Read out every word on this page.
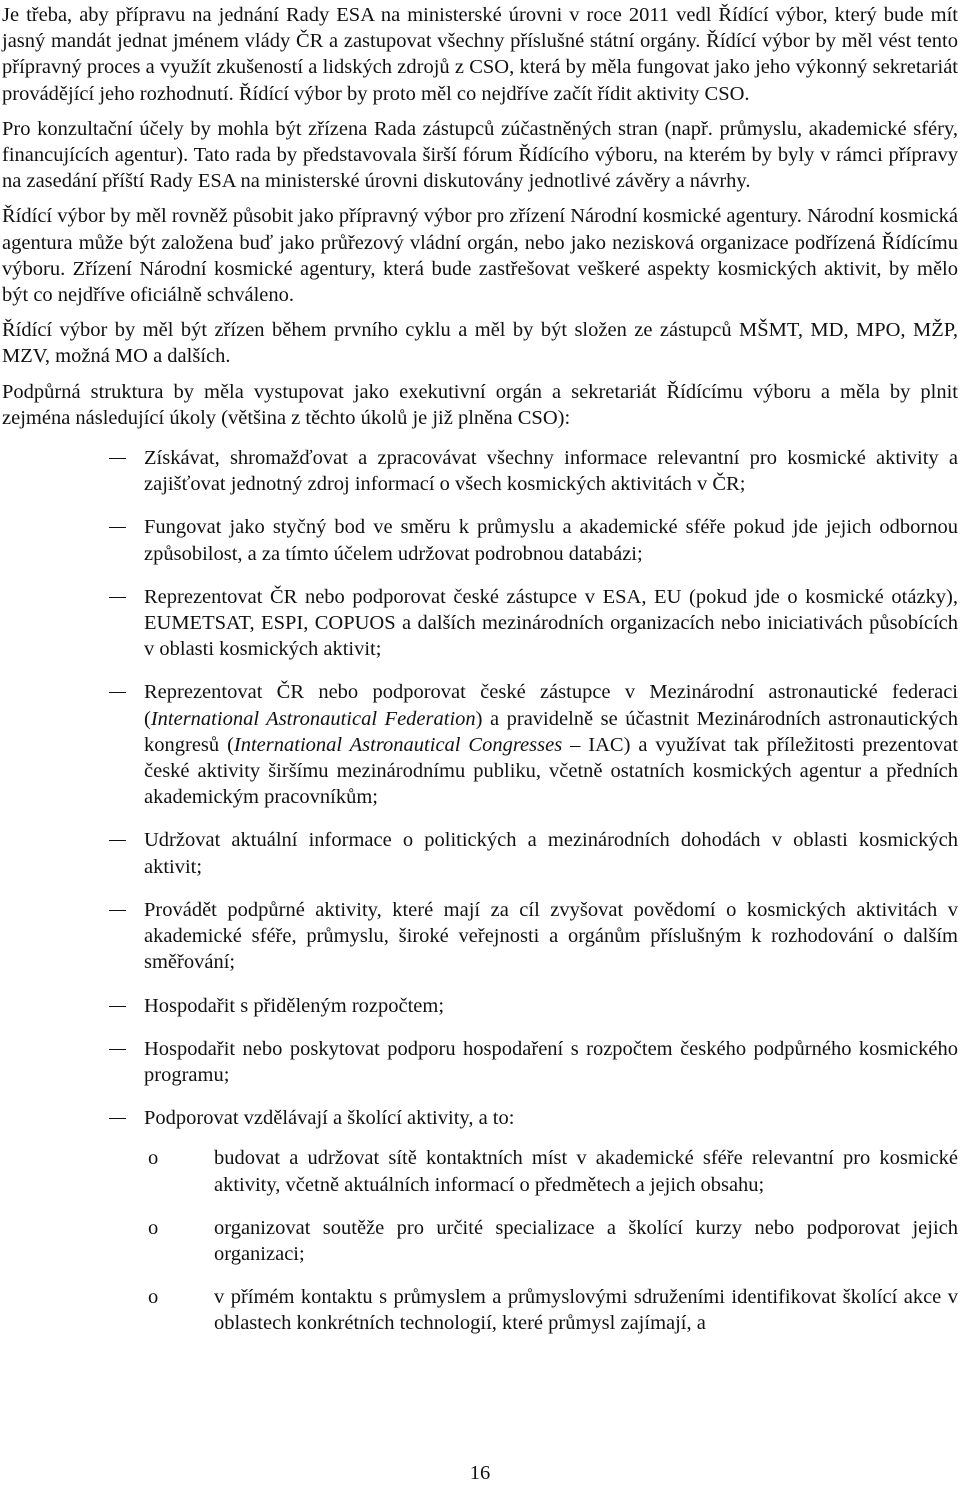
Je třeba, aby přípravu na jednání Rady ESA na ministerské úrovni v roce 2011 vedl Řídící výbor, který bude mít jasný mandát jednat jménem vlády ČR a zastupovat všechny příslušné státní orgány. Řídící výbor by měl vést tento přípravný proces a využít zkušeností a lidských zdrojů z CSO, která by měla fungovat jako jeho výkonný sekretariát provádějící jeho rozhodnutí. Řídící výbor by proto měl co nejdříve začít řídit aktivity CSO.

Pro konzultační účely by mohla být zřízena Rada zástupců zúčastněných stran (např. průmyslu, akademické sféry, financujících agentur). Tato rada by představovala širší fórum Řídícího výboru, na kterém by byly v rámci přípravy na zasedání příští Rady ESA na ministerské úrovni diskutovány jednotlivé závěry a návrhy.

Řídící výbor by měl rovněž působit jako přípravný výbor pro zřízení Národní kosmické agentury. Národní kosmická agentura může být založena buď jako průřezový vládní orgán, nebo jako nezisková organizace podřízená Řídícímu výboru. Zřízení Národní kosmické agentury, která bude zastřešovat veškeré aspekty kosmických aktivit, by mělo být co nejdříve oficiálně schváleno.

Řídící výbor by měl být zřízen během prvního cyklu a měl by být složen ze zástupců MŠMT, MD, MPO, MŽP, MZV, možná MO a dalších.

Podpůrná struktura by měla vystupovat jako exekutivní orgán a sekretariát Řídícímu výboru a měla by plnit zejména následující úkoly (většina z těchto úkolů je již plněna CSO):

Získávat, shromažďovat a zpracovávat všechny informace relevantní pro kosmické aktivity a zajišťovat jednotný zdroj informací o všech kosmických aktivitách v ČR;
Fungovat jako styčný bod ve směru k průmyslu a akademické sféře pokud jde jejich odbornou způsobilost, a za tímto účelem udržovat podrobnou databázi;
Reprezentovat ČR nebo podporovat české zástupce v ESA, EU (pokud jde o kosmické otázky), EUMETSAT, ESPI, COPUOS a dalších mezinárodních organizacích nebo iniciativách působících v oblasti kosmických aktivit;
Reprezentovat ČR nebo podporovat české zástupce v Mezinárodní astronautické federaci (International Astronautical Federation) a pravidelně se účastnit Mezinárodních astronautických kongresů (International Astronautical Congresses – IAC) a využívat tak příležitosti prezentovat české aktivity širšímu mezinárodnímu publiku, včetně ostatních kosmických agentur a předních akademickým pracovníkům;
Udržovat aktuální informace o politických a mezinárodních dohodách v oblasti kosmických aktivit;
Provádět podpůrné aktivity, které mají za cíl zvyšovat povědomí o kosmických aktivitách v akademické sféře, průmyslu, široké veřejnosti a orgánům příslušným k rozhodování o dalším směřování;
Hospodařit s přiděleným rozpočtem;
Hospodařit nebo poskytovat podporu hospodaření s rozpočtem českého podpůrného kosmického programu;
Podporovat vzdělávají a školící aktivity, a to:
o budovat a udržovat sítě kontaktních míst v akademické sféře relevantní pro kosmické aktivity, včetně aktuálních informací o předmětech a jejich obsahu;
o organizovat soutěže pro určité specializace a školící kurzy nebo podporovat jejich organizaci;
o v přímém kontaktu s průmyslem a průmyslovými sdruženími identifikovat školící akce v oblastech konkrétních technologií, které průmysl zajímají, a
16
